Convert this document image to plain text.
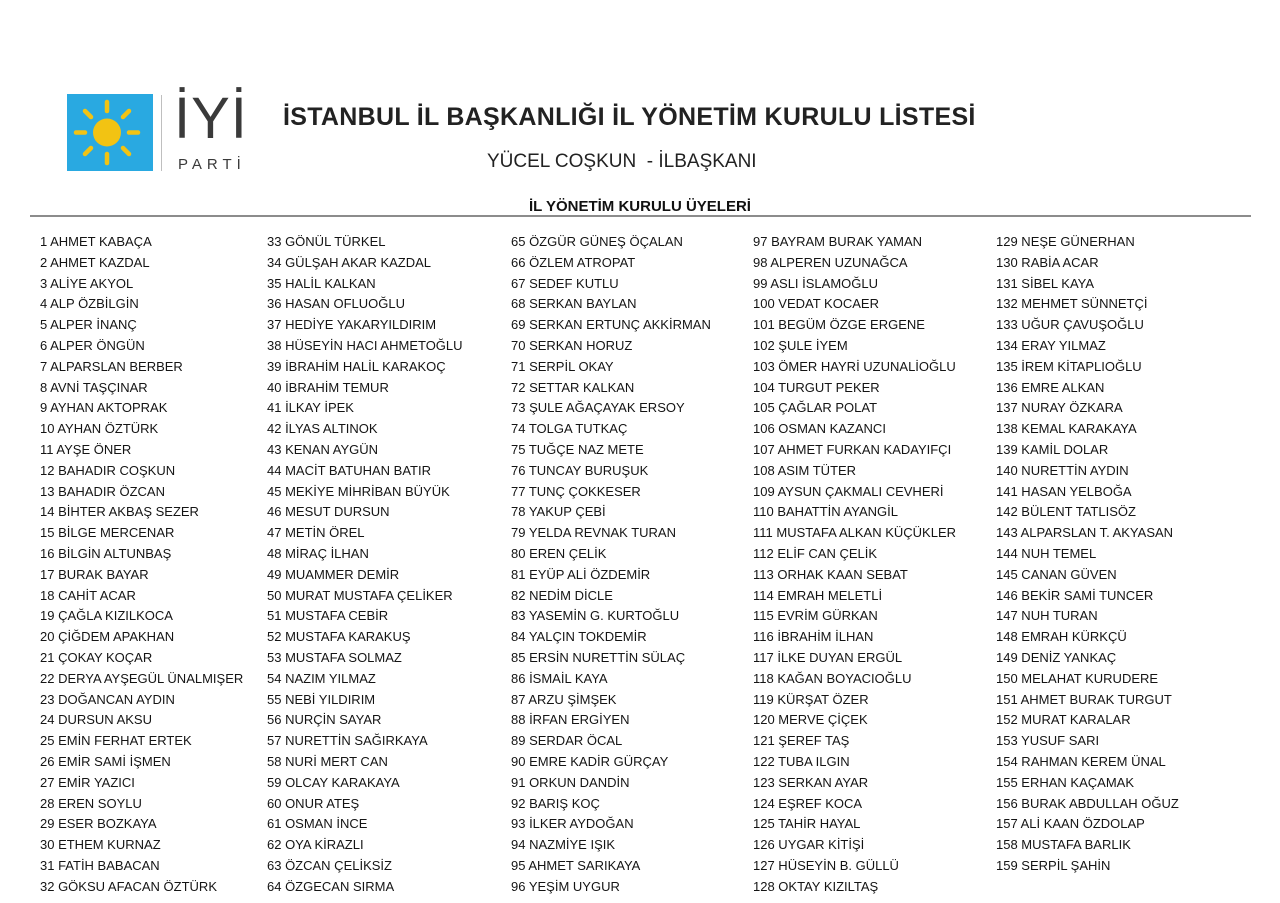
İYİ
PARTİ
İSTANBUL İL BAŞKANLIĞI İL YÖNETİM KURULU LİSTESİ
YÜCEL COŞKUN  - İLBAŞKANI
İL YÖNETİM KURULU ÜYELERİ
1 AHMET KABAÇA
2 AHMET KAZDAL
3 ALİYE AKYOL
4 ALP ÖZBİLGİN
5 ALPER İNANÇ
6 ALPER ÖNGÜN
7 ALPARSLAN BERBER
8 AVNİ TAŞÇINAR
9 AYHAN AKTOPRAK
10 AYHAN ÖZTÜRK
11 AYŞE ÖNER
12 BAHADIR COŞKUN
13 BAHADIR ÖZCAN
14 BİHTER AKBAŞ SEZER
15 BİLGE MERCENAR
16 BİLGİN ALTUNBAŞ
17 BURAK BAYAR
18 CAHİT ACAR
19 ÇAĞLA KIZILKOCA
20 ÇİĞDEM APAKHAN
21 ÇOKAY KOÇAR
22 DERYA AYŞEGÜL ÜNALMIŞER
23 DOĞANCAN AYDIN
24 DURSUN AKSU
25 EMİN FERHAT ERTEK
26 EMİR SAMİ İŞMEN
27 EMİR YAZICI
28 EREN SOYLU
29 ESER BOZKAYA
30 ETHEM KURNAZ
31 FATİH BABACAN
32 GÖKSU AFACAN ÖZTÜRK
33 GÖNÜL TÜRKEL
34 GÜLŞAH AKAR KAZDAL
35 HALİL KALKAN
36 HASAN OFLUOĞLU
37 HEDİYE YAKARYILDIRIM
38 HÜSEYİN HACI AHMETOĞLU
39 İBRAHİM HALİL KARAKOÇ
40 İBRAHİM TEMUR
41 İLKAY İPEK
42 İLYAS ALTINOK
43 KENAN AYGÜN
44 MACİT BATUHAN BATIR
45 MEKİYE MİHRİBAN BÜYÜK
46 MESUT DURSUN
47 METİN ÖREL
48 MİRAÇ İLHAN
49 MUAMMER DEMİR
50 MURAT MUSTAFA ÇELİKER
51 MUSTAFA CEBİR
52 MUSTAFA KARAKUŞ
53 MUSTAFA SOLMAZ
54 NAZIM YILMAZ
55 NEBİ YILDIRIM
56 NURÇİN SAYAR
57 NURETTİN SAĞIRKAYA
58 NURİ MERT CAN
59 OLCAY KARAKAYA
60 ONUR ATEŞ
61 OSMAN İNCE
62 OYA KİRAZLI
63 ÖZCAN ÇELİKSİZ
64 ÖZGECAN SIRMA
65 ÖZGÜR GÜNEŞ ÖÇALAN
66 ÖZLEM ATROPAT
67 SEDEF KUTLU
68 SERKAN BAYLAN
69 SERKAN ERTUNÇ AKKİRMAN
70 SERKAN HORUZ
71 SERPİL OKAY
72 SETTAR KALKAN
73 ŞULE AĞAÇAYAK ERSOY
74 TOLGA TUTKAÇ
75 TUĞÇE NAZ METE
76 TUNCAY BURUŞUK
77 TUNÇ ÇOKKESER
78 YAKUP ÇEBİ
79 YELDA REVNAK TURAN
80 EREN ÇELİK
81 EYÜP ALİ ÖZDEMİR
82 NEDİM DİCLE
83 YASEMİN G. KURTOĞLU
84 YALÇIN TOKDEMİR
85 ERSİN NURETTİN SÜLAÇ
86 İSMAİL KAYA
87 ARZU ŞİMŞEK
88 İRFAN ERGİYEN
89 SERDAR ÖCAL
90 EMRE KADİR GÜRÇAY
91 ORKUN DANDİN
92 BARIŞ KOÇ
93 İLKER AYDOĞAN
94 NAZMİYE IŞIK
95 AHMET SARIKAYA
96 YEŞİM UYGUR
97 BAYRAM BURAK YAMAN
98 ALPEREN UZUNAĞCA
99 ASLI İSLAMOĞLU
100 VEDAT KOCAER
101 BEGÜM ÖZGE ERGENE
102 ŞULE İYEM
103 ÖMER HAYRİ UZUNALİOĞLU
104 TURGUT PEKER
105 ÇAĞLAR POLAT
106 OSMAN KAZANCI
107 AHMET FURKAN KADAYIFÇI
108 ASIM TÜTER
109 AYSUN ÇAKMALI CEVHERİ
110 BAHATTİN AYANGİL
111 MUSTAFA ALKAN KÜÇÜKLER
112 ELİF CAN ÇELİK
113 ORHAK KAAN SEBAT
114 EMRAH MELETLİ
115 EVRİM GÜRKAN
116 İBRAHİM İLHAN
117 İLKE DUYAN ERGÜL
118 KAĞAN BOYACIOĞLU
119 KÜRŞAT ÖZER
120 MERVE ÇİÇEK
121 ŞEREF TAŞ
122 TUBA ILGIN
123 SERKAN AYAR
124 EŞREF KOCA
125 TAHİR HAYAL
126 UYGAR KİTİŞİ
127 HÜSEYİN B. GÜLLÜ
128 OKTAY KIZILTAŞ
129 NEŞE GÜNERHAN
130 RABİA ACAR
131 SİBEL KAYA
132 MEHMET SÜNNETÇİ
133 UĞUR ÇAVUŞOĞLU
134 ERAY YILMAZ
135 İREM KİTAPLIOĞLU
136 EMRE ALKAN
137 NURAY ÖZKARA
138 KEMAL KARAKAYA
139 KAMİL DOLAR
140 NURETTİN AYDIN
141 HASAN YELBOĞA
142 BÜLENT TATLISÖZ
143 ALPARSLAN T. AKYASAN
144 NUH TEMEL
145 CANAN GÜVEN
146 BEKİR SAMİ TUNCER
147 NUH TURAN
148 EMRAH KÜRKÇÜ
149 DENİZ YANKAÇ
150 MELAHAT KURUDERE
151 AHMET BURAK TURGUT
152 MURAT KARALAR
153 YUSUF SARI
154 RAHMAN KEREM ÜNAL
155 ERHAN KAÇAMAK
156 BURAK ABDULLAH OĞUZ
157 ALİ KAAN ÖZDOLAP
158 MUSTAFA BARLIK
159 SERPİL ŞAHİN
